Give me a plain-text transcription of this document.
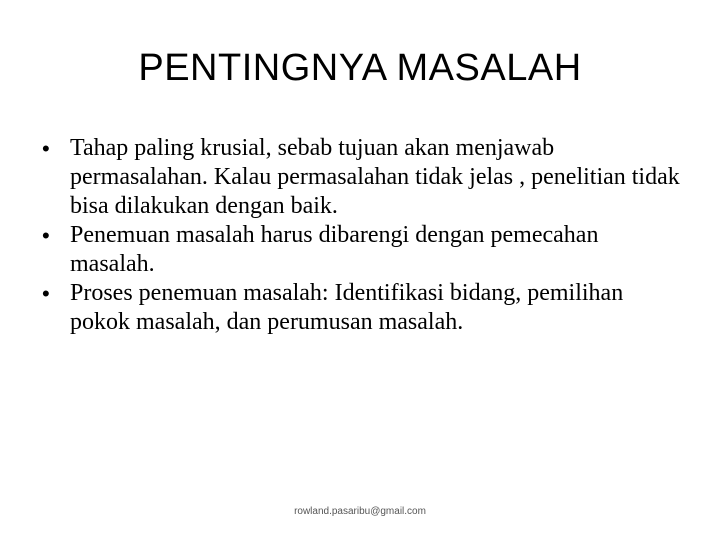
PENTINGNYA MASALAH
• Tahap paling krusial, sebab tujuan akan menjawab permasalahan. Kalau permasalahan tidak jelas , penelitian tidak bisa dilakukan dengan baik.
• Penemuan masalah harus dibarengi dengan pemecahan masalah.
• Proses penemuan masalah: Identifikasi bidang, pemilihan pokok masalah, dan perumusan masalah.
rowland.pasaribu@gmail.com
